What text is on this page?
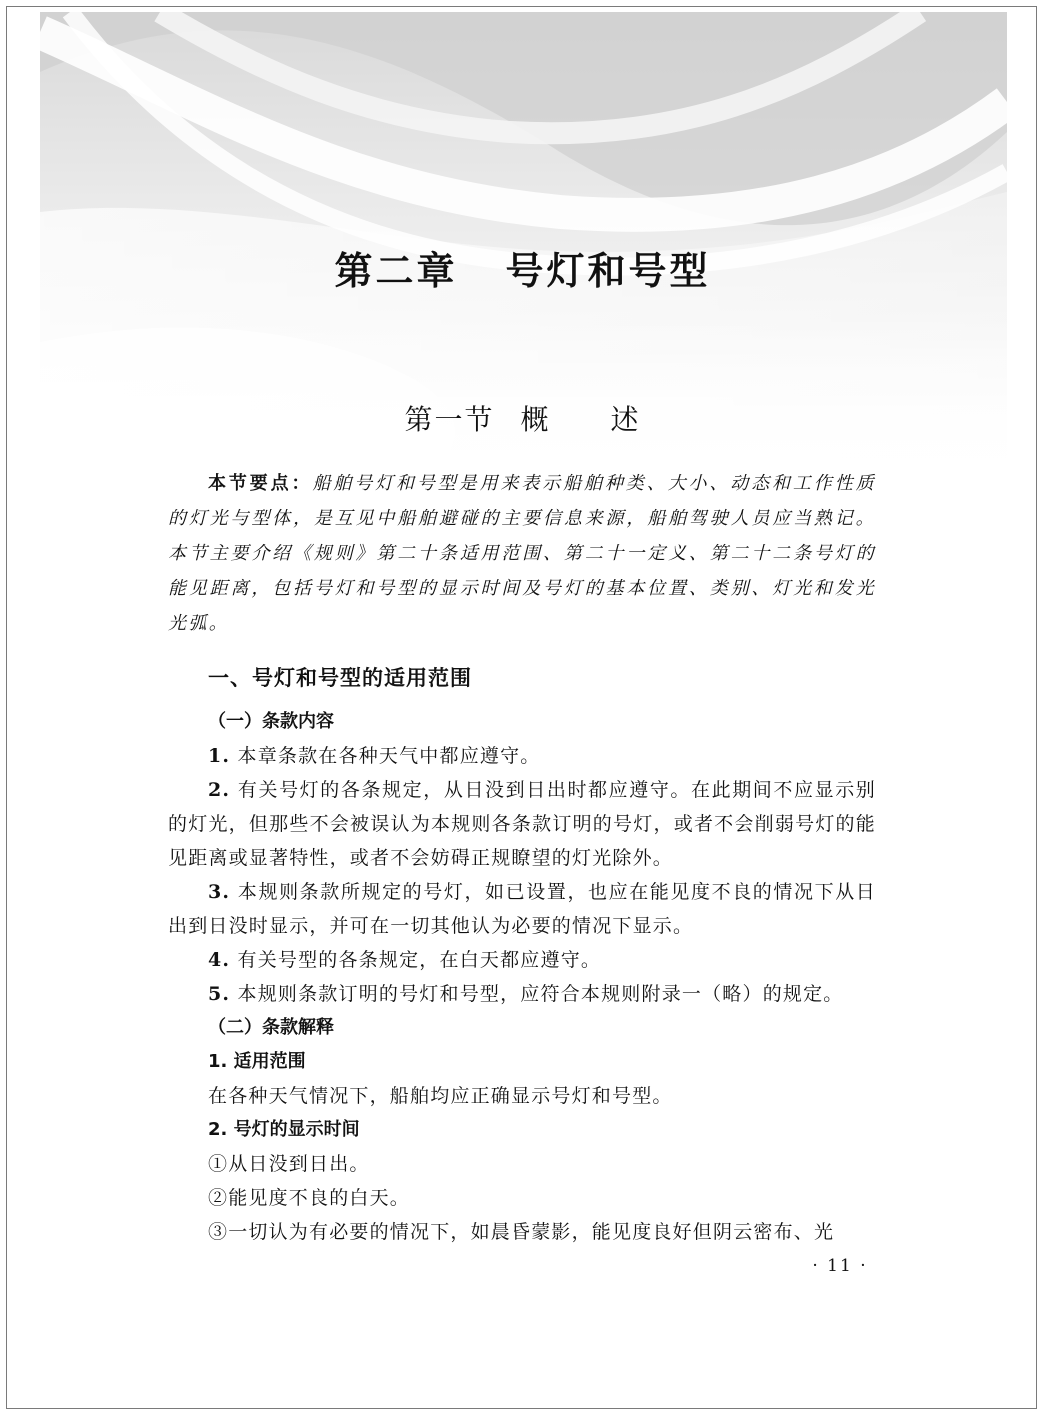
第二章 号灯和号型
第一节 概 述

本节要点：船舶号灯和号型是用来表示船舶种类、大小、动态和工作性质的灯光与型体，是互见中船舶避碰的主要信息来源，船舶驾驶人员应当熟记。本节主要介绍《规则》第二十条适用范围、第二十一定义、第二十二条号灯的能见距离，包括号灯和号型的显示时间及号灯的基本位置、类别、灯光和发光光弧。

一、号灯和号型的适用范围

（一）条款内容

1. 本章条款在各种天气中都应遵守。

2. 有关号灯的各条规定，从日没到日出时都应遵守。在此期间不应显示别的灯光，但那些不会被误认为本规则各条款订明的号灯，或者不会削弱号灯的能见距离或显著特性，或者不会妨碍正规瞭望的灯光除外。

3. 本规则条款所规定的号灯，如已设置，也应在能见度不良的情况下从日出到日没时显示，并可在一切其他认为必要的情况下显示。

4. 有关号型的各条规定，在白天都应遵守。

5. 本规则条款订明的号灯和号型，应符合本规则附录一（略）的规定。

（二）条款解释

1. 适用范围

在各种天气情况下，船舶均应正确显示号灯和号型。

2. 号灯的显示时间

①从日没到日出。

②能见度不良的白天。

③一切认为有必要的情况下，如晨昏蒙影，能见度良好但阴云密布、光

· 11 ·
